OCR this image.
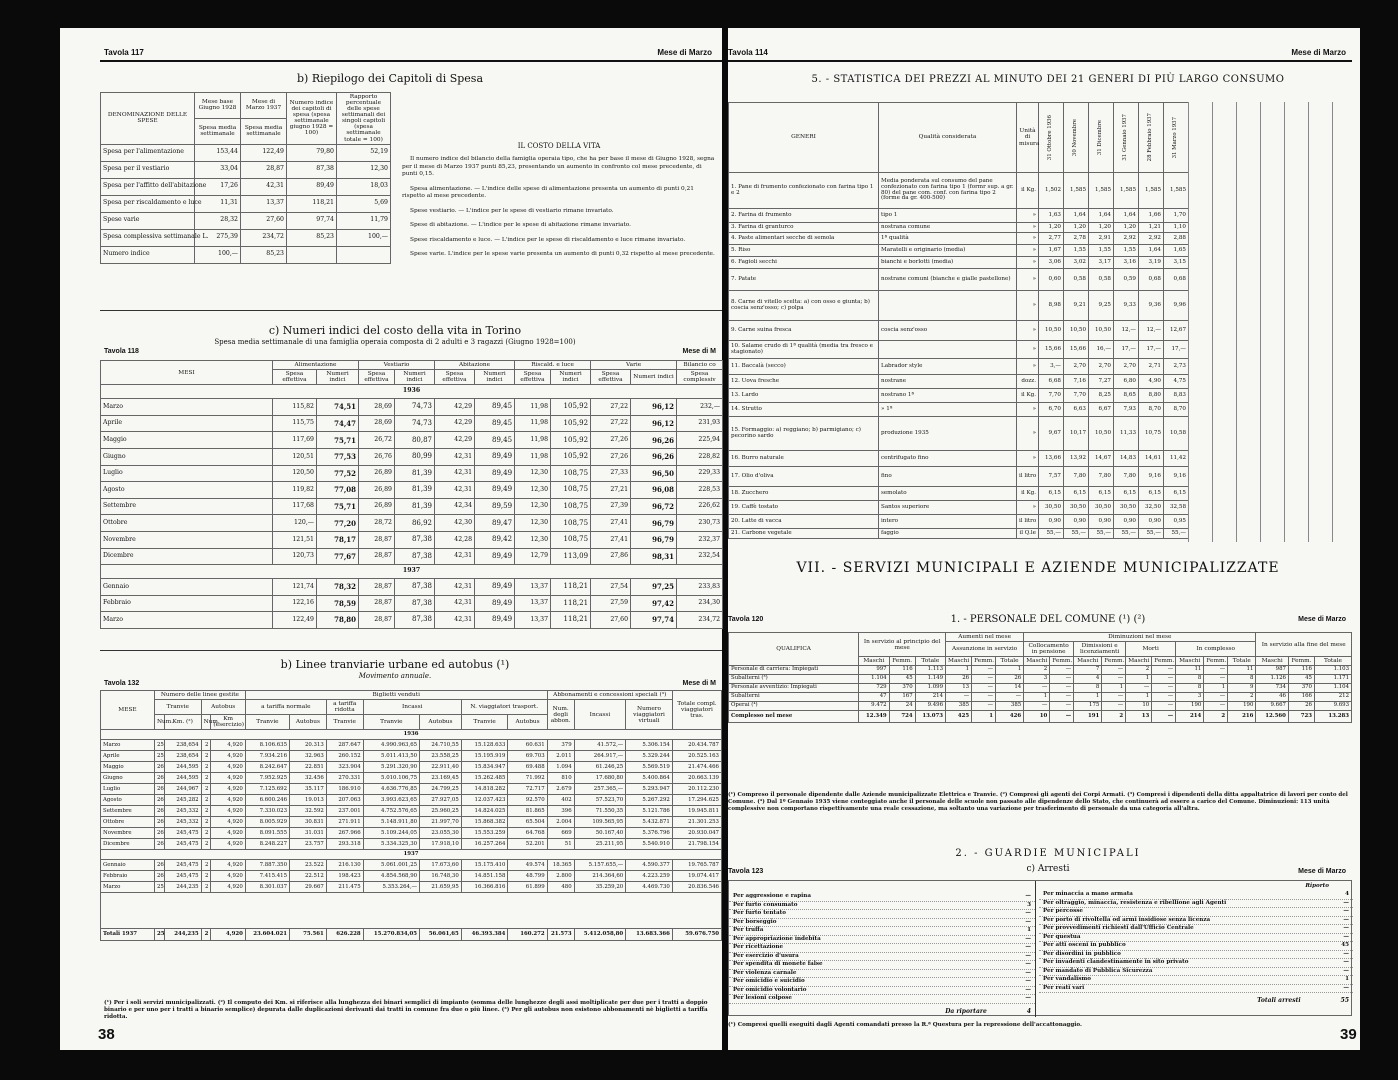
Tavola 117	Mese di Marzo
b) Riepilogo dei Capitoli di Spesa
DENOMINAZIONE DELLE SPESE	Mese base Giugno 1928	Mese di Marzo 1937	Numero indice dei capitoli di spesa (spesa settimanale giugno 1928 = 100)	Rapporto percentuale delle spese settimanali dei singoli capitoli (spesa settimanale totale = 100)
	Spesa media settimanale	Spesa media settimanale		
Spesa per l'alimentazione	153,44	122,49	79,80	52,19
Spesa per il vestiario	33,04	28,87	87,38	12,30
Spesa per l'affitto dell'abitazione	17,26	42,31	89,49	18,03
Spesa per riscaldamento e luce	11,31	13,37	118,21	5,69
Spese varie	28,32	27,60	97,74	11,79
Spesa complessiva settimanale L.	275,39	234,72	85,23	100,—
Numero indice	100,—	85,23		
IL COSTO DELLA VITA
Il numero indice del bilancio della famiglia operaia tipo, che ha per base il mese di Giugno 1928, segna per il mese di Marzo 1937 punti 85,23, presentando un aumento in confronto col mese precedente, di punti 0,15.
Spesa alimentazione. — L'indice delle spese di alimentazione presenta un aumento di punti 0,21 rispetto al mese precedente.
Spese vestiario. — L'indice per le spese di vestiario rimane invariato.
Spese di abitazione. — L'indice per le spese di abitazione rimane invariato.
Spese riscaldamento e luce. — L'indice per le spese di riscaldamento e luce rimane invariato.
Spese varie. L'indice per le spese varie presenta un aumento di punti 0,32 rispetto al mese precedente.
c) Numeri indici del costo della vita in Torino
Spesa media settimanale di una famiglia operaia composta di 2 adulti e 3 ragazzi (Giugno 1928=100)
Tavola 118	Mese di M
MESI	Alimentazione		Vestiario		Abitazione		Riscald. e luce		Varie		Bilancio co
	Spesa effettiva	Numeri indici	Spesa effettiva	Numeri indici	Spesa effettiva	Numeri indici	Spesa effettiva	Numeri indici	Spesa effettiva	Numeri indici	Spesa complessiv
1936											
Marzo	115,82	74,51	28,69	74,73	42,29	89,45	11,98	105,92	27,22	96,12	232,—
Aprile	115,75	74,47	28,69	74,73	42,29	89,45	11,98	105,92	27,22	96,12	231,93
Maggio	117,69	75,71	26,72	80,87	42,29	89,45	11,98	105,92	27,26	96,26	225,94
Giugno	120,51	77,53	26,76	80,99	42,31	89,49	11,98	105,92	27,26	96,26	228,82
Luglio	120,50	77,52	26,89	81,39	42,31	89,49	12,30	108,75	27,33	96,50	229,33
Agosto	119,82	77,08	26,89	81,39	42,31	89,49	12,30	108,75	27,21	96,08	228,53
Settembre	117,68	75,71	26,89	81,39	42,34	89,59	12,30	108,75	27,39	96,72	226,62
Ottobre	120,—	77,20	28,72	86,92	42,30	89,47	12,30	108,75	27,41	96,79	230,73
Novembre	121,51	78,17	28,87	87,38	42,28	89,42	12,30	108,75	27,41	96,79	232,37
Dicembre	120,73	77,67	28,87	87,38	42,31	89,49	12,79	113,09	27,86	98,31	232,54
1937											
Gennaio	121,74	78,32	28,87	87,38	42,31	89,49	13,37	118,21	27,54	97,25	233,83
Febbraio	122,16	78,59	28,87	87,38	42,31	89,49	13,37	118,21	27,59	97,42	234,30
Marzo	122,49	78,80	28,87	87,38	42,31	89,49	13,37	118,21	27,60	97,74	234,72
b) Linee tranviarie urbane ed autobus (¹)
Movimento annuale.
Tavola 132	Mese di M
MESE	Numero delle linee gestite				Biglietti venduti							Abbonamenti e concessioni speciali (³)			Totale compl. viaggiatori tras.
	Tranvie		Autobus		a tariffa normale		a tariffa ridotta	Incassi		N. viaggiatori trasport.		Num. degli abbon.	Incassi	Numero viaggiatori virtuali	
	Num.	Km. (²)	Num.	Km (esercizio)	Tranvie	Autobus	Tranvie	Tranvie	Autobus	Tranvie	Autobus				
1936															
Marzo	25	238,654	2	4,920	8.106.635	20.313	287.647	4.990.963,65	24.710,55	15.128.633	60.631	379	41.572,—	5.306.154	20.434.787
Aprile	25	238,654	2	4,920	7.934.216	32.963	260.152	5.011.413,50	23.558,25	15.195.919	69.703	2.011	264.917,—	5.329.244	20.525.163
Maggio	26	244,595	2	4,920	8.242.647	22.851	323.904	5.291.320,90	22.911,40	15.834.947	69.488	1.094	61.246,25	5.569.519	21.474.466
Giugno	26	244,595	2	4,920	7.952.925	32.456	270.331	5.010.106,75	23.169,45	15.262.485	71.992	810	17.680,80	5.400.864	20.663.139
Luglio	26	244,967	2	4,920	7.125.692	35.117	186.910	4.636.776,85	24.799,25	14.818.282	72.717	2.679	257.365,—	5.293.947	20.112.230
Agosto	26	245,282	2	4,920	6.600.246	19.013	207.063	3.993.623,65	27.927,05	12.037.423	92.570	402	57.523,70	5.267.292	17.294.625
Settembre	26	245,332	2	4,920	7.330.023	32.592	237.001	4.752.576,65	25.960,25	14.824.025	81.865	396	71.550,35	5.121.786	19.945.811
Ottobre	26	245,332	2	4,920	8.005.929	30.831	271.911	5.148.911,80	21.997,70	15.868.382	65.504	2.004	109.565,95	5.432.871	21.301.253
Novembre	26	245,475	2	4,920	8.091.555	31.031	267.966	5.109.244,05	23.055,30	15.553.259	64.768	669	50.167,40	5.376.796	20.930.047
Dicembre	26	245,475	2	4,920	8.248.227	23.757	293.318	5.334.325,30	17.918,10	16.257.264	52.201	51	25.211,95	5.540.910	21.798.154
1937															
Gennaio	26	245,475	2	4,920	7.887.350	23.522	216.130	5.061.001,25	17.673,60	15.175.410	49.574	18.365	5.157.655,—	4.590.377	19.765.787
Febbraio	26	245,475	2	4,920	7.415.415	22.512	198.423	4.854.568,90	16.748,30	14.851.158	48.799	2.800	214.364,60	4.223.259	19.074.417
Marzo	25	244,235	2	4,920	8.301.037	29.667	211.475	5.353.264,—	21.659,95	16.366.816	61.899	480	35.259,20	4.469.730	20.836.546

Totali 1937	25	244,235	2	4,920	23.604.021	75.561	626.228	15.270.834,05	56.061,65	46.393.384	160.272	21.573	5.412.058,80	13.683.366	59.676.750
(¹) Per i soli servizi municipalizzati. (²) Il computo dei Km. si riferisce alla lunghezza dei binari semplici di impianto (somma delle lunghezze degli assi moltiplicate per due per i tratti a doppio binario e per uno per i tratti a binario semplice) depurata dalle duplicazioni derivanti dai tratti in comune fra due o più linee. (³) Per gli autobus non esistono abbonamenti nè biglietti a tariffa ridotta.
38
Tavola 114	Mese di Marzo
5. - STATISTICA DEI PREZZI AL MINUTO DEI 21 GENERI DI PIÙ LARGO CONSUMO
GENERI	Qualità considerata	Unità di misura	31 Ottobre 1936	30 Novembre	31 Dicembre	31 Gennaio 1937	28 Febbraio 1937	31 Marzo 1937

1. Pane di frumento confezionato con farina tipo 1 e 2	Media ponderata sul consumo del pane confezionato con farina tipo 1 (formr sup. a gr. 80) del pane com. conf. con farina tipo 2 (forme da gr. 400-500)	il Kg.	1,502	1,585	1,585	1,585	1,585	1,585
2. Farina di frumento	tipo 1	»	1,63	1,64	1,64	1,64	1,66	1,70
3. Farina di granturco	nostrana comune	»	1,20	1,20	1,20	1,20	1,21	1,10
4. Paste alimentari secche di semola	1ª qualità	»	2,77	2,78	2,91	2,92	2,92	2,88
5. Riso	Maratelli e originario (media)	»	1,67	1,55	1,55	1,55	1,64	1,65
6. Fagioli secchi	bianchi e borlotti (media)	»	3,06	3,02	3,17	3,16	3,19	3,15
7. Patate	nostrane comuni (bianche e gialle pastellone)	»	0,60	0,58	0,58	0,59	0,68	0,68
8. Carne di vitello scelta: a) con osso e giunta; b) coscia senz'osso; c) polpa		»	8,98	9,21	9,25	9,33	9,36	9,96
9. Carne suina fresca	coscia senz'osso	»	10,50	10,50	10,50	12,—	12,—	12,67
10. Salame crudo di 1ª qualità (media tra fresco e stagionato)		»	15,66	15,66	16,—	17,—	17,—	17,—
11. Baccalà (secco)	Labrador style	»	3,—	2,70	2,70	2,70	2,71	2,73
12. Uova fresche	nostrane	dozz.	6,68	7,16	7,27	6,80	4,90	4,75
13. Lardo	nostrano 1ª	il Kg.	7,70	7,70	8,25	8,65	8,80	8,83
14. Strutto	» 1ª	»	6,70	6,63	6,67	7,93	8,70	8,70
15. Formaggio: a) reggiano; b) parmigiano; c) pecorino sardo	produzione 1935	»	9,67	10,17	10,50	11,33	10,75	10,58
16. Burro naturale	centrifugato fino	»	13,66	13,92	14,67	14,83	14,61	11,42
17. Olio d'oliva	fino	il litro	7,57	7,80	7,80	7,80	9,16	9,16
18. Zucchero	semolato	il Kg.	6,15	6,15	6,15	6,15	6,15	6,15
19. Caffè tostato	Santos superiore	»	30,50	30,50	30,50	30,50	32,50	32,58
20. Latte di vacca	intero	il litro	0,90	0,90	0,90	0,90	0,90	0,95
21. Carbone vegetale	faggio	il Q.le	55,—	55,—	55,—	55,—	55,—	55,—
VII. - SERVIZI MUNICIPALI E AZIENDE MUNICIPALIZZATE
Tavola 120	1. - PERSONALE DEL COMUNE (¹) (²)	Mese di Marzo
QUALIFICA	In servizio al principio del mese			Aumenti nel mese			Diminuzioni nel mese									In servizio alla fine del mese		
				Assunzione in servizio			Collocamento in pensione		Dimissioni e licenziamenti		Morti		In complesso					
	Maschi	Femm.	Totale	Maschi	Femm.	Totale	Maschi	Femm.	Maschi	Femm.	Maschi	Femm.	Maschi	Femm.	Totale	Maschi	Femm.	Totale
Personale di carriera: Impiegati	997	116	1.113	1	—	1	2	—	7	—	2	—	11	—	11	987	116	1.103
Subalterni (³)	1.104	45	1.149	26	—	26	3	—	4	—	1	—	8	—	8	1.126	45	1.171
Personale avventizio: Impiegati	729	370	1.099	13	—	14	—	—	8	1	—	—	8	1	9	734	370	1.104
Subalterni	47	167	214	—	—	—	1	—	1	—	1	—	3	—	2	46	166	212
Operai (⁴)	9.472	24	9.496	385	—	385	—	—	175	—	10	—	190	—	190	9.667	26	9.693
Complesso nel mese	12.349	724	13.073	425	1	426	10	—	191	2	13	—	214	2	216	12.560	723	13.283
(¹) Compreso il personale dipendente dalle Aziende municipalizzate Elettrica e Tranvie. (²) Compresi gli agenti dei Corpi Armati. (³) Compresi i dipendenti della ditta appaltatrice di lavori per conto del Comune. (⁴) Dal 1º Gennaio 1935 viene conteggiato anche il personale delle scuole non passato alle dipendenze dello Stato, che continuerà ad essere a carico del Comune. Diminuzioni: 113 unità complessive non comportano rispettivamente una reale cessazione, ma soltanto una variazione per trasferimento di personale da una categoria all'altra.
2. - GUARDIE MUNICIPALI
c) Arresti
Tavola 123	Mese di Marzo
Per aggressione e rapina	—
Per furto consumato	3
Per furto tentato	—
Per borseggio	—
Per truffa	1
Per appropriazione indebita	—
Per ricettazione	—
Per esercizio d'usura	—
Per spendita di monete false	—
Per violenza carnale	—
Per omicidio e suicidio	—
Per omicidio volontario	—
Per lesioni colpose	—
Da riportare	4
Riporto
Per minaccia a mano armata	4
Per oltraggio, minaccia, resistenza e ribellione agli Agenti	—
Per percosse	—
Per porto di rivoltella od armi insidiose senza licenza	—
Per provvedimenti richiesti dall'Ufficio Centrale	—
Per questua	—
Per atti osceni in pubblico	45
Per disordini in pubblico	—
Per invadenti clandestinamente in sito privato	—
Per mandato di Pubblica Sicurezza	—
Per vandalismo	1
Per reati vari	—
Totali arresti	55
(¹) Compresi quelli eseguiti dagli Agenti comandati presso la R.ª Questura per la repressione dell'accattonaggio.
39
